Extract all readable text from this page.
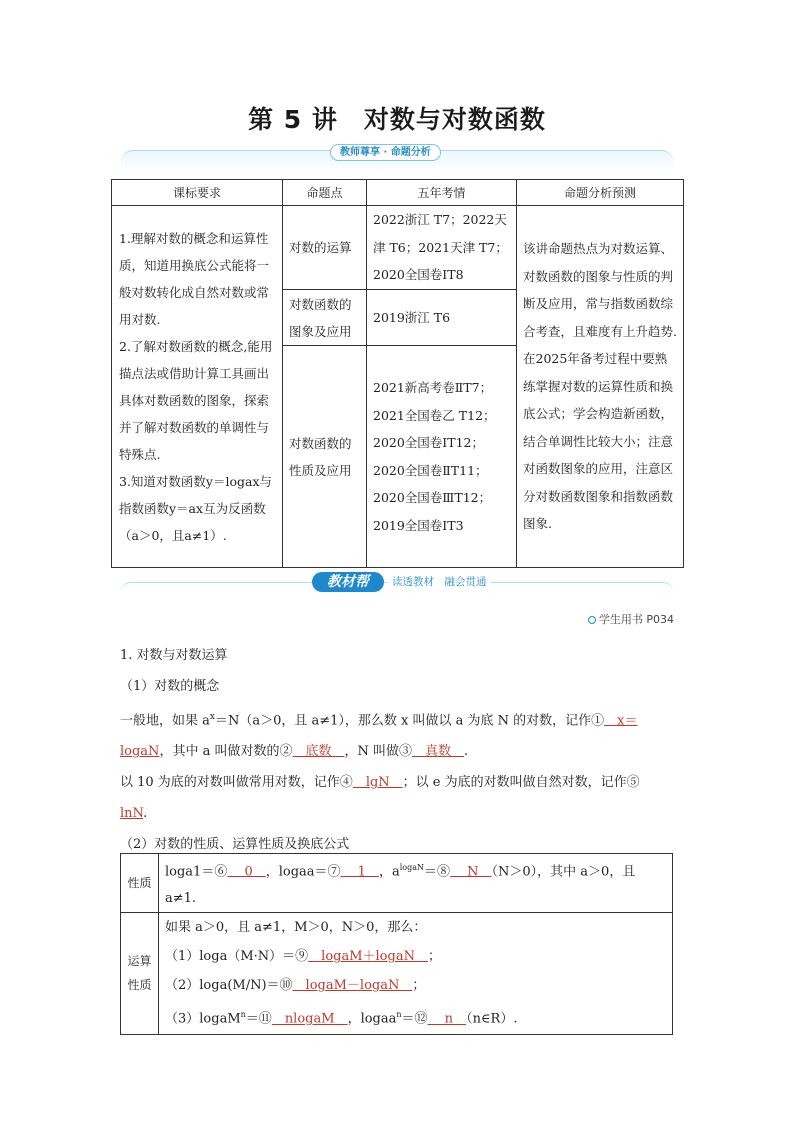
第 5 讲　对数与对数函数
教师尊享 · 命题分析
课标要求	命题点	五年考情	命题分析预测
1.理解对数的概念和运算性质，知道用换底公式能将一般对数转化成自然对数或常用对数.
2.了解对数函数的概念,能用描点法或借助计算工具画出具体对数函数的图象，探索并了解对数函数的单调性与特殊点.
3.知道对数函数y＝logax与指数函数y＝ax互为反函数（a＞0，且a≠1）.	对数的运算	2022浙江 T7；2022天津 T6；2021天津 T7；2020全国卷ⅠT8	该讲命题热点为对数运算、对数函数的图象与性质的判断及应用，常与指数函数综合考查，且难度有上升趋势.在2025年备考过程中要熟练掌握对数的运算性质和换底公式；学会构造新函数，结合单调性比较大小；注意对函数图象的应用，注意区分对数函数图象和指数函数图象.
	对数函数的图象及应用	2019浙江 T6	
	对数函数的性质及应用	2021新高考卷ⅡT7；2021全国卷乙 T12；2020全国卷ⅠT12；2020全国卷ⅡT11；2020全国卷ⅢT12；2019全国卷ⅠT3	
教材帮	读透教材　融会贯通
学生用书 P034
1. 对数与对数运算
（1）对数的概念
一般地，如果 $a^x=N(a>0$，且 a≠1），那么数 x 叫做以 a 为底 N 的对数，记作①　x＝
logaN，其中 a 叫做对数的②　底数　，N 叫做③　真数　.
以 10 为底的对数叫做常用对数，记作④　lgN　；以 e 为底的对数叫做自然对数，记作⑤
lnN.
（2）对数的性质、运算性质及换底公式
性质	loga1＝⑥　 0　，logaa＝⑦　 1　，$a^{logaN}=⑧$　 N　（N＞0），其中 a＞0，且 a≠1.
运算性质	如果 a＞0，且 a≠1，M＞0，N＞0，那么：
（1）loga（M·N）＝⑨　logaM＋logaN　；
（2）loga(M/N)＝⑩　logaM－logaN　；
（3）logaM$^n$＝⑪　nlogaM　，logaa$^n$＝⑫　 n　（n∈R）.
